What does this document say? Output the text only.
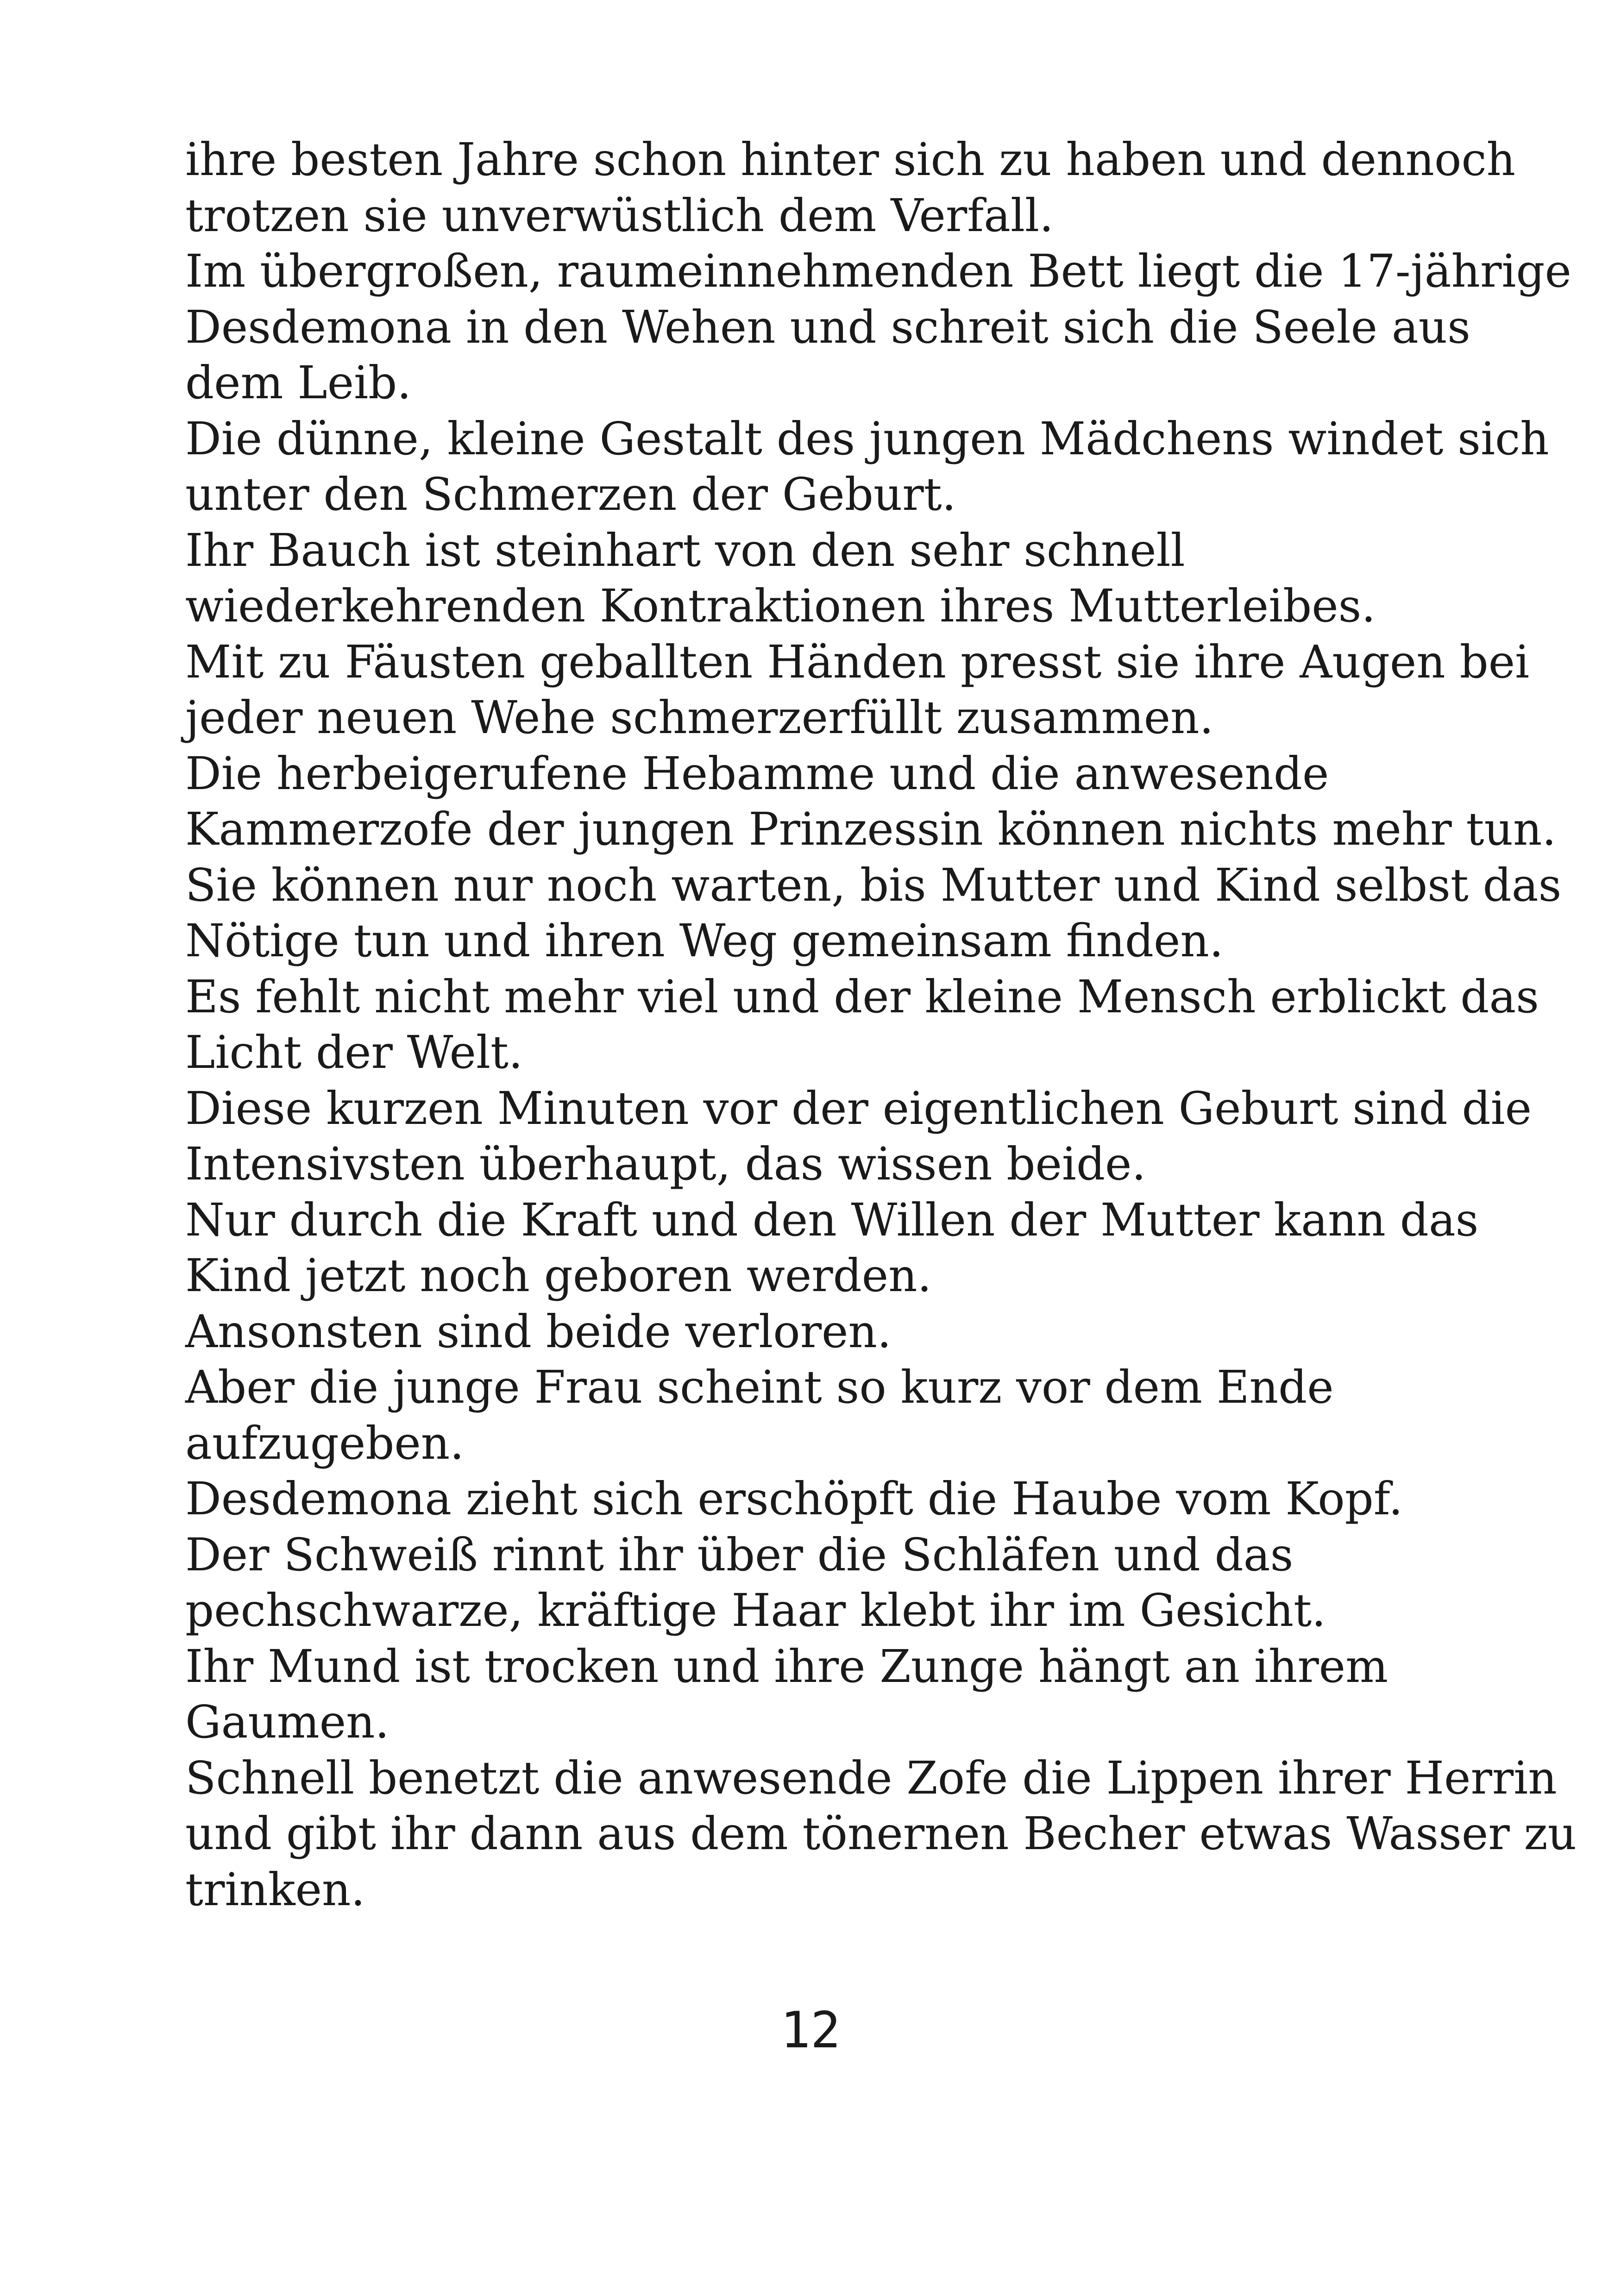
ihre besten Jahre schon hinter sich zu haben und dennoch
trotzen sie unverwüstlich dem Verfall.
Im übergroßen, raumeinnehmenden Bett liegt die 17-jährige
Desdemona in den Wehen und schreit sich die Seele aus
dem Leib.
Die dünne, kleine Gestalt des jungen Mädchens windet sich
unter den Schmerzen der Geburt.
Ihr Bauch ist steinhart von den sehr schnell
wiederkehrenden Kontraktionen ihres Mutterleibes.
Mit zu Fäusten geballten Händen presst sie ihre Augen bei
jeder neuen Wehe schmerzerfüllt zusammen.
Die herbeigerufene Hebamme und die anwesende
Kammerzofe der jungen Prinzessin können nichts mehr tun.
Sie können nur noch warten, bis Mutter und Kind selbst das
Nötige tun und ihren Weg gemeinsam finden.
Es fehlt nicht mehr viel und der kleine Mensch erblickt das
Licht der Welt.
Diese kurzen Minuten vor der eigentlichen Geburt sind die
Intensivsten überhaupt, das wissen beide.
Nur durch die Kraft und den Willen der Mutter kann das
Kind jetzt noch geboren werden.
Ansonsten sind beide verloren.
Aber die junge Frau scheint so kurz vor dem Ende
aufzugeben.
Desdemona zieht sich erschöpft die Haube vom Kopf.
Der Schweiß rinnt ihr über die Schläfen und das
pechschwarze, kräftige Haar klebt ihr im Gesicht.
Ihr Mund ist trocken und ihre Zunge hängt an ihrem
Gaumen.
Schnell benetzt die anwesende Zofe die Lippen ihrer Herrin
und gibt ihr dann aus dem tönernen Becher etwas Wasser zu
trinken.
12
